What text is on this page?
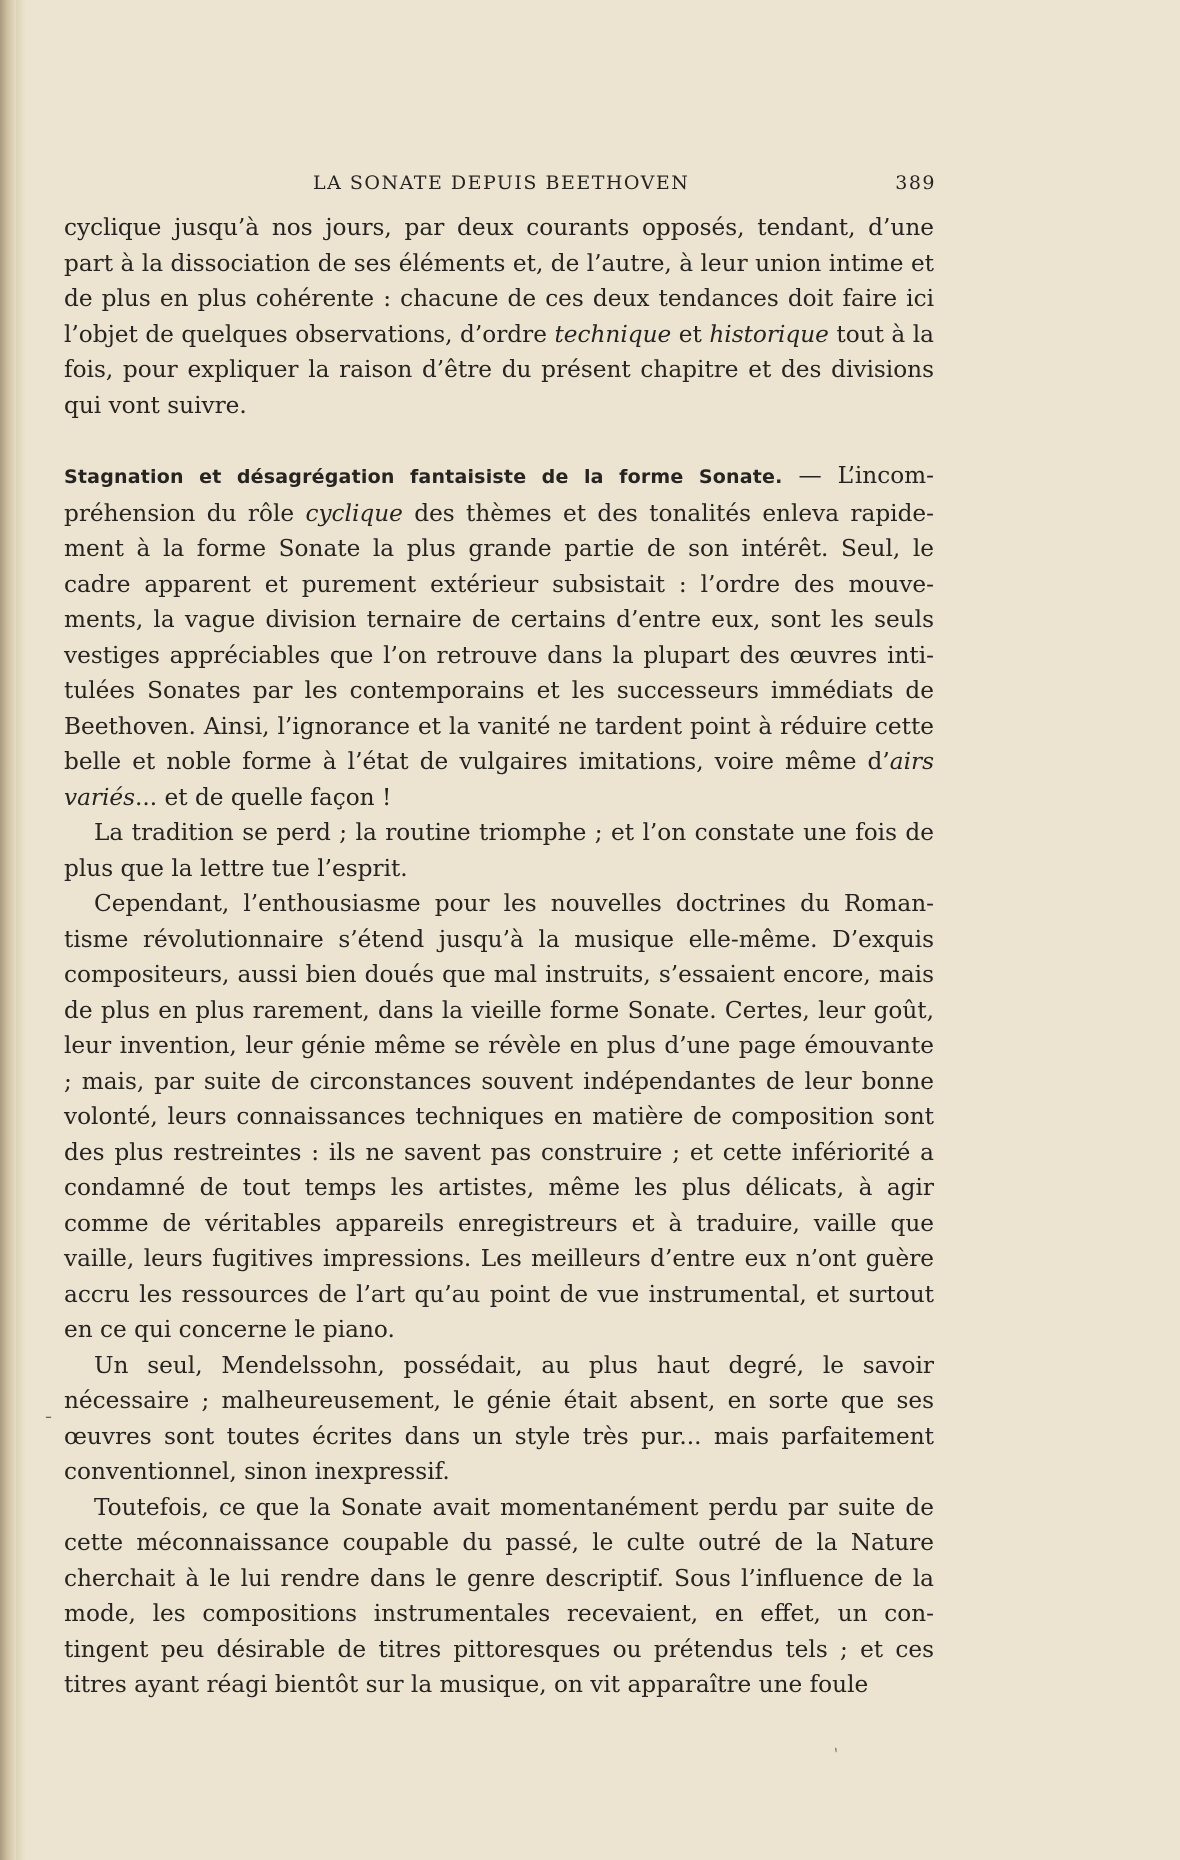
LA SONATE DEPUIS BEETHOVEN	389

cyclique jusqu’à nos jours, par deux courants opposés, tendant, d’une part à la dissociation de ses éléments et, de l’autre, à leur union intime et de plus en plus cohérente : chacune de ces deux tendances doit faire ici l’objet de quelques observations, d’ordre technique et historique tout à la fois, pour expliquer la raison d’être du présent chapitre et des divisions qui vont suivre.

Stagnation et désagrégation fantaisiste de la forme Sonate. — L’incompréhension du rôle cyclique des thèmes et des tonalités enleva rapidement à la forme Sonate la plus grande partie de son intérêt. Seul, le cadre apparent et purement extérieur subsistait : l’ordre des mouvements, la vague division ternaire de certains d’entre eux, sont les seuls vestiges appréciables que l’on retrouve dans la plupart des œuvres intitulées Sonates par les contemporains et les successeurs immédiats de Beethoven. Ainsi, l’ignorance et la vanité ne tardent point à réduire cette belle et noble forme à l’état de vulgaires imitations, voire même d’airs variés... et de quelle façon !

La tradition se perd ; la routine triomphe ; et l’on constate une fois de plus que la lettre tue l’esprit.

Cependant, l’enthousiasme pour les nouvelles doctrines du Romantisme révolutionnaire s’étend jusqu’à la musique elle-même. D’exquis compositeurs, aussi bien doués que mal instruits, s’essaient encore, mais de plus en plus rarement, dans la vieille forme Sonate. Certes, leur goût, leur invention, leur génie même se révèle en plus d’une page émouvante ; mais, par suite de circonstances souvent indépendantes de leur bonne volonté, leurs connaissances techniques en matière de composition sont des plus restreintes : ils ne savent pas construire ; et cette infériorité a condamné de tout temps les artistes, même les plus délicats, à agir comme de véritables appareils enregistreurs et à traduire, vaille que vaille, leurs fugitives impressions. Les meilleurs d’entre eux n’ont guère accru les ressources de l’art qu’au point de vue instrumental, et surtout en ce qui concerne le piano.

Un seul, Mendelssohn, possédait, au plus haut degré, le savoir nécessaire ; malheureusement, le génie était absent, en sorte que ses œuvres sont toutes écrites dans un style très pur... mais parfaitement conventionnel, sinon inexpressif.

Toutefois, ce que la Sonate avait momentanément perdu par suite de cette méconnaissance coupable du passé, le culte outré de la Nature cherchait à le lui rendre dans le genre descriptif. Sous l’influence de la mode, les compositions instrumentales recevaient, en effet, un contingent peu désirable de titres pittoresques ou prétendus tels ; et ces titres ayant réagi bientôt sur la musique, on vit apparaître une foule

ˉ
ˋ
